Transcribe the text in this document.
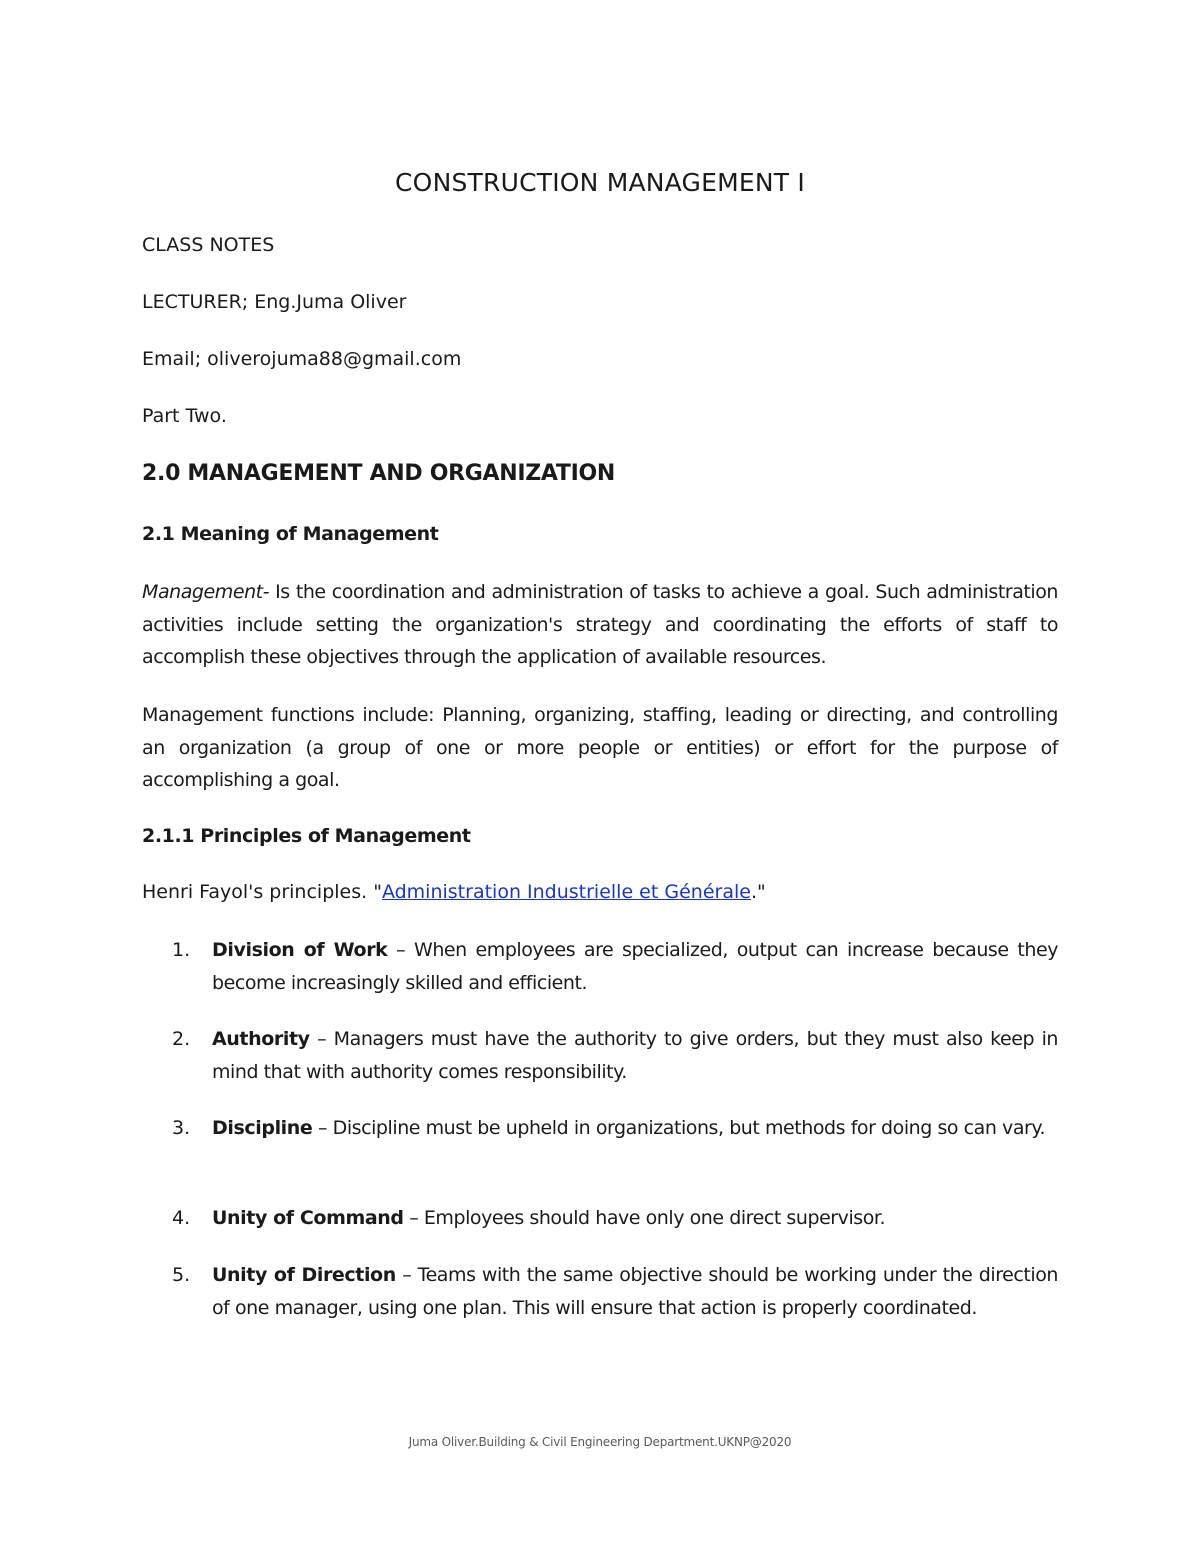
CONSTRUCTION MANAGEMENT I
CLASS NOTES
LECTURER; Eng.Juma Oliver
Email; oliverojuma88@gmail.com
Part Two.
2.0 MANAGEMENT AND ORGANIZATION
2.1 Meaning of Management
Management- Is the coordination and administration of tasks to achieve a goal. Such administration activities include setting the organization's strategy and coordinating the efforts of staff to accomplish these objectives through the application of available resources.
Management functions include: Planning, organizing, staffing, leading or directing, and controlling an organization (a group of one or more people or entities) or effort for the purpose of accomplishing a goal.
2.1.1 Principles of Management
Henri Fayol's principles. "Administration Industrielle et Générale."
1. Division of Work – When employees are specialized, output can increase because they become increasingly skilled and efficient.
2. Authority – Managers must have the authority to give orders, but they must also keep in mind that with authority comes responsibility.
3. Discipline – Discipline must be upheld in organizations, but methods for doing so can vary.
4. Unity of Command – Employees should have only one direct supervisor.
5. Unity of Direction – Teams with the same objective should be working under the direction of one manager, using one plan. This will ensure that action is properly coordinated.
Juma Oliver.Building & Civil Engineering Department.UKNP@2020
